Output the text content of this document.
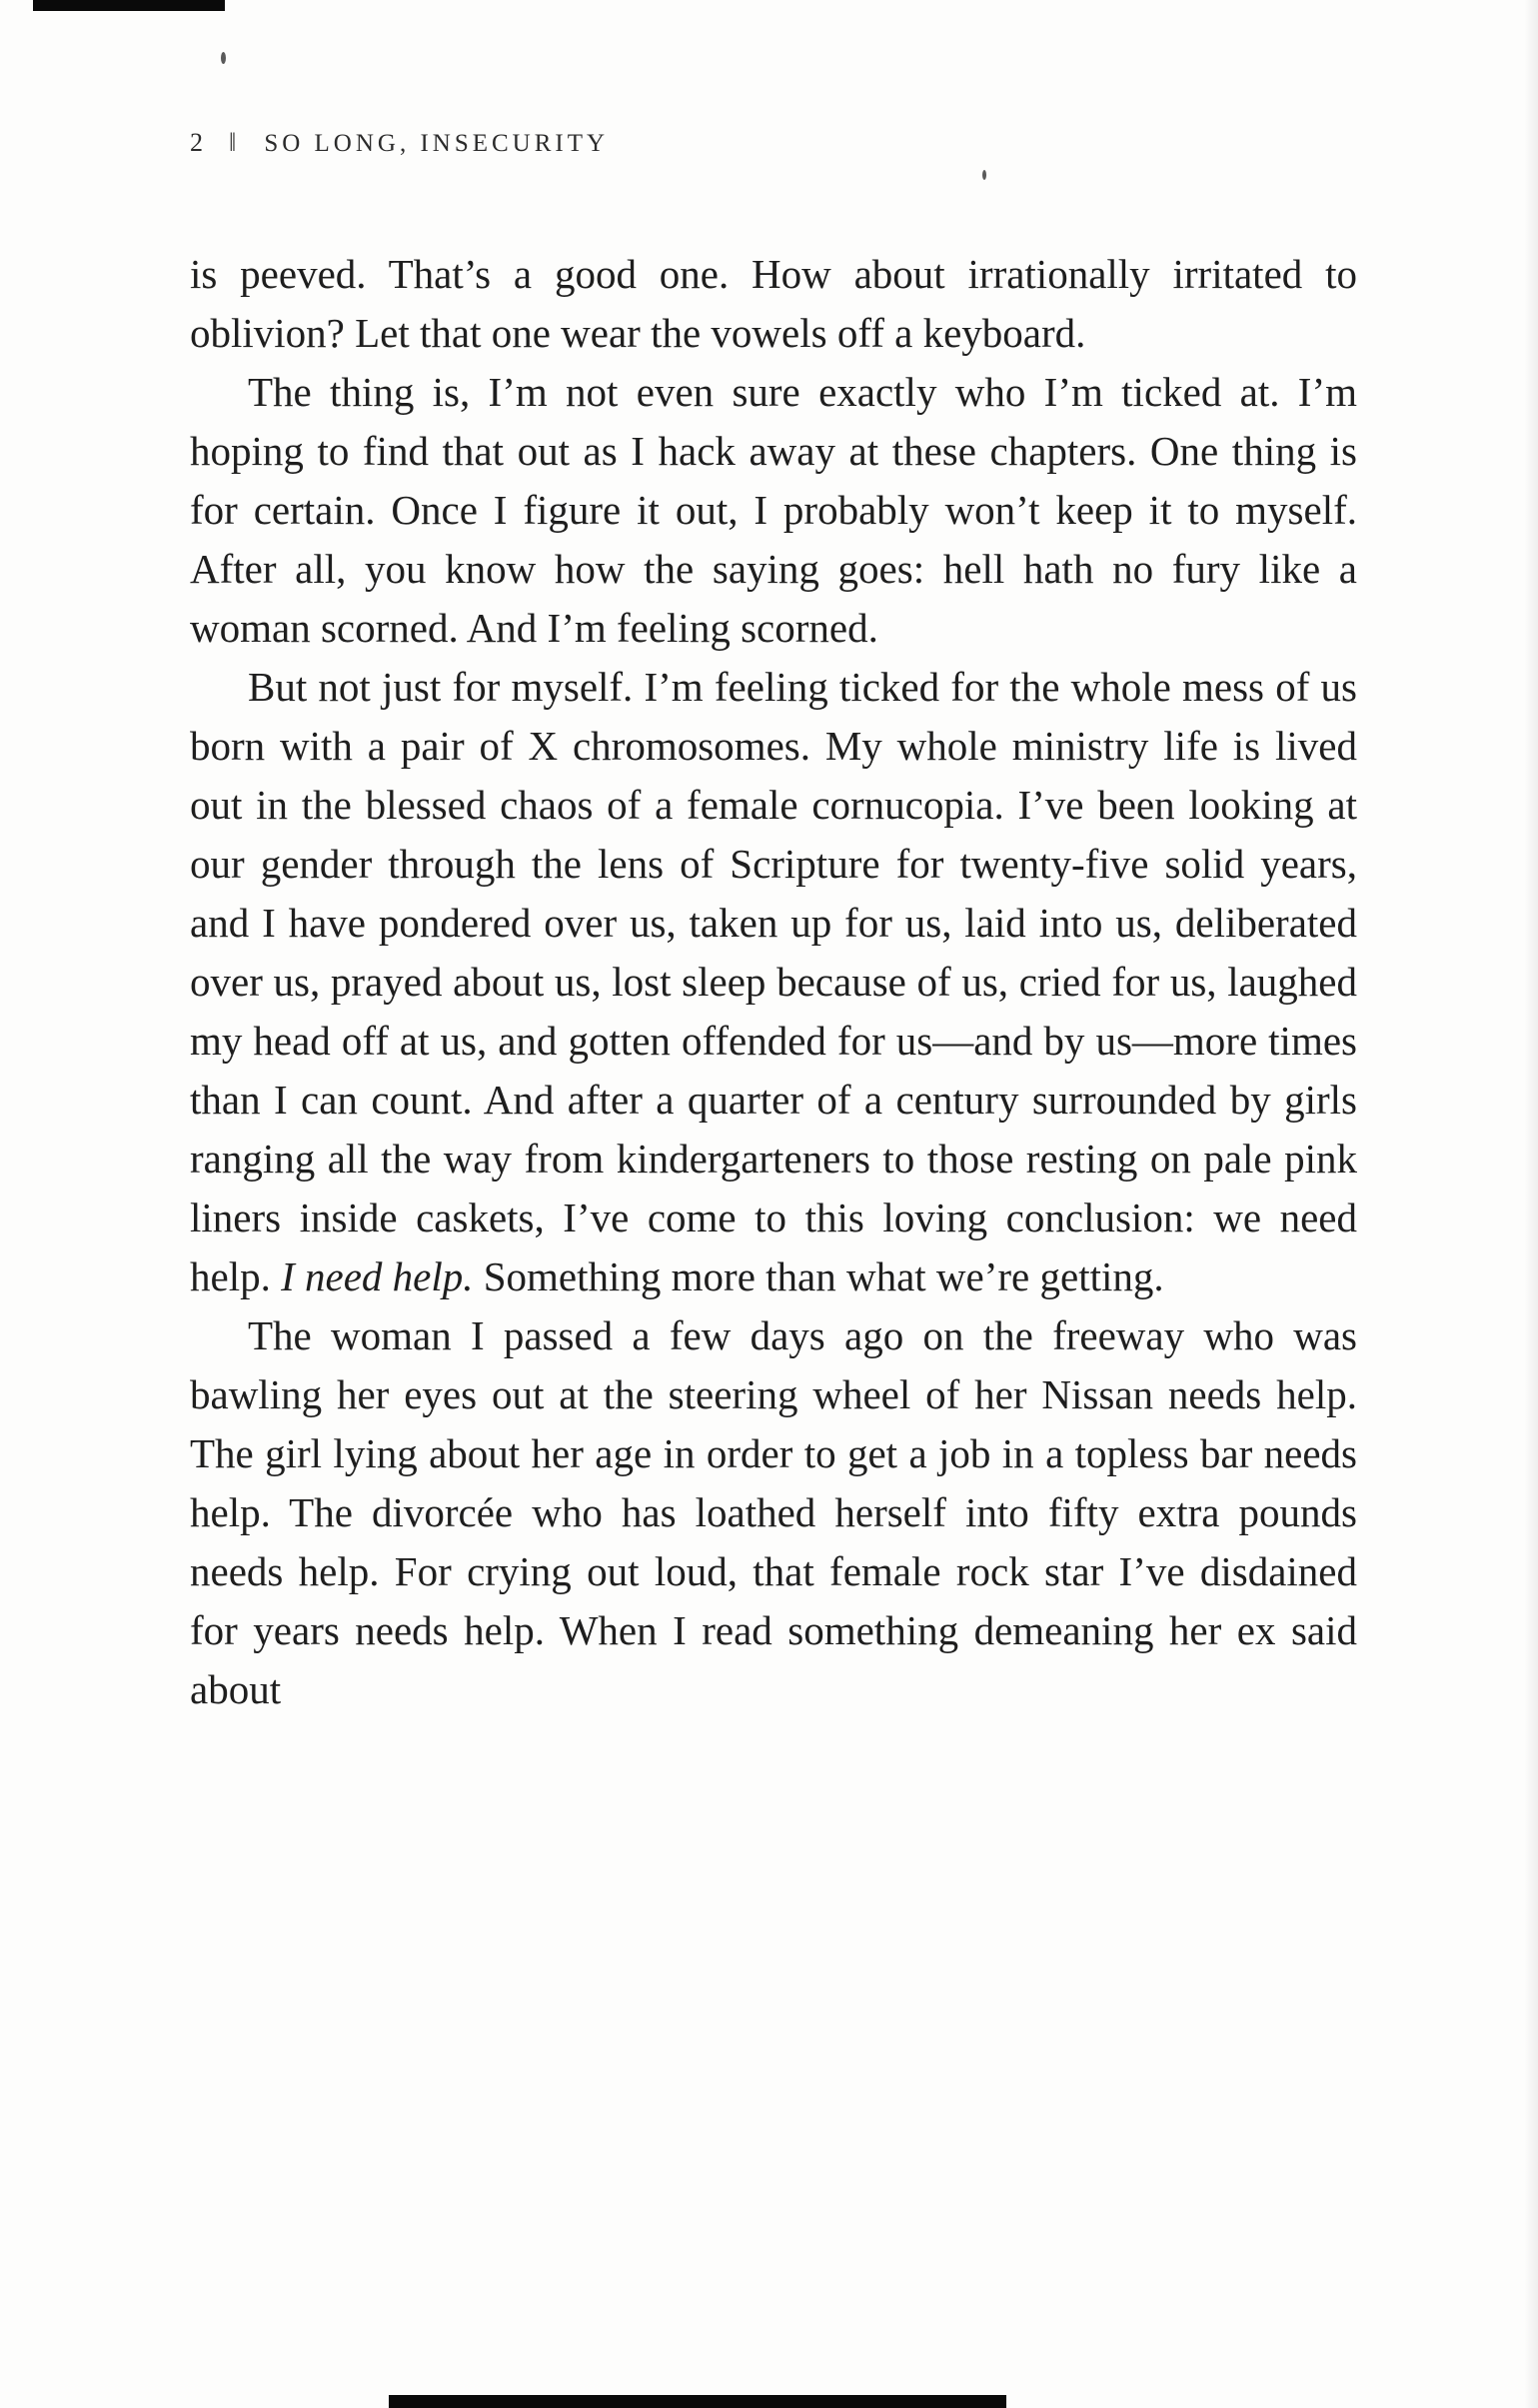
2 ‖ SO LONG, INSECURITY

is peeved. That’s a good one. How about irrationally irritated to oblivion? Let that one wear the vowels off a keyboard.

The thing is, I’m not even sure exactly who I’m ticked at. I’m hoping to find that out as I hack away at these chapters. One thing is for certain. Once I figure it out, I probably won’t keep it to myself. After all, you know how the saying goes: hell hath no fury like a woman scorned. And I’m feeling scorned.

But not just for myself. I’m feeling ticked for the whole mess of us born with a pair of X chromosomes. My whole ministry life is lived out in the blessed chaos of a female cornucopia. I’ve been looking at our gender through the lens of Scripture for twenty-five solid years, and I have pondered over us, taken up for us, laid into us, deliberated over us, prayed about us, lost sleep because of us, cried for us, laughed my head off at us, and gotten offended for us—and by us—more times than I can count. And after a quarter of a century surrounded by girls ranging all the way from kindergarteners to those resting on pale pink liners inside caskets, I’ve come to this loving conclusion: we need help. I need help. Something more than what we’re getting.

The woman I passed a few days ago on the freeway who was bawling her eyes out at the steering wheel of her Nissan needs help. The girl lying about her age in order to get a job in a topless bar needs help. The divorcée who has loathed herself into fifty extra pounds needs help. For crying out loud, that female rock star I’ve disdained for years needs help. When I read something demeaning her ex said about
